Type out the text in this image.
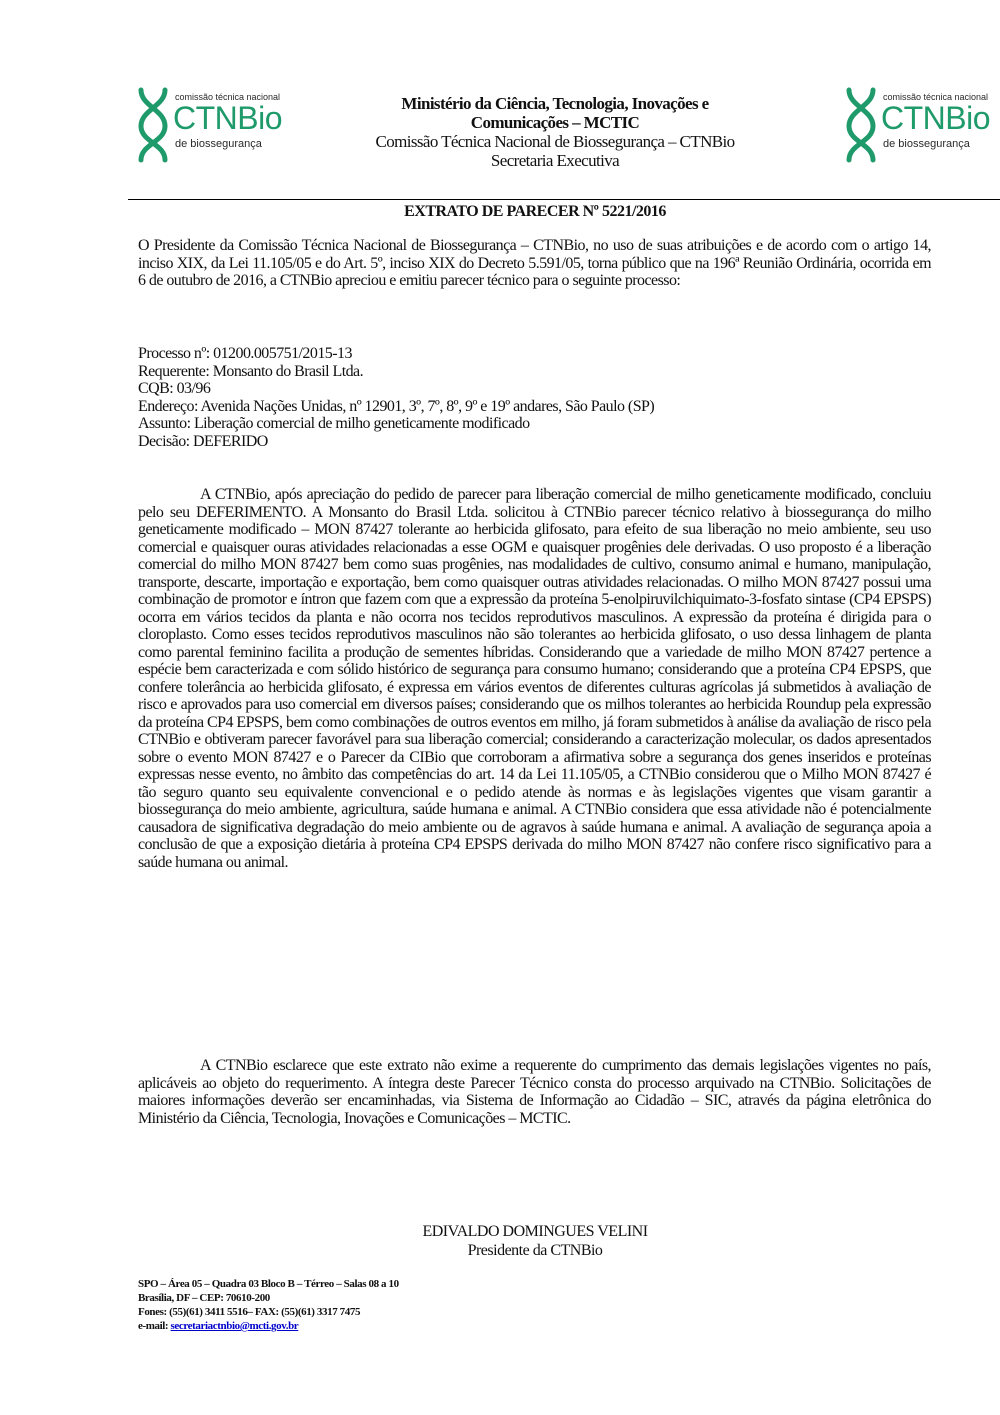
comissão técnica nacional
CTNBio
de biossegurança
Ministério da Ciência, Tecnologia, Inovações e
Comunicações – MCTIC
Comissão Técnica Nacional de Biossegurança – CTNBio
Secretaria Executiva
comissão técnica nacional
CTNBio
de biossegurança
EXTRATO DE PARECER Nº 5221/2016
O Presidente da Comissão Técnica Nacional de Biossegurança – CTNBio, no uso de suas atribuições e de acordo com o artigo 14, inciso XIX, da Lei 11.105/05 e do Art. 5º, inciso XIX do Decreto 5.591/05, torna público que na 196ª Reunião Ordinária, ocorrida em 6 de outubro de 2016, a CTNBio apreciou e emitiu parecer técnico para o seguinte processo:
Processo nº: 01200.005751/2015-13
Requerente: Monsanto do Brasil Ltda.
CQB: 03/96
Endereço: Avenida Nações Unidas, nº 12901, 3º, 7º, 8º, 9º e 19º andares, São Paulo (SP)
Assunto: Liberação comercial de milho geneticamente modificado
Decisão: DEFERIDO
A CTNBio, após apreciação do pedido de parecer para liberação comercial de milho geneticamente modificado, concluiu pelo seu DEFERIMENTO. A Monsanto do Brasil Ltda. solicitou à CTNBio parecer técnico relativo à biossegurança do milho geneticamente modificado – MON 87427 tolerante ao herbicida glifosato, para efeito de sua liberação no meio ambiente, seu uso comercial e quaisquer ouras atividades relacionadas a esse OGM e quaisquer progênies dele derivadas. O uso proposto é a liberação comercial do milho MON 87427 bem como suas progênies, nas modalidades de cultivo, consumo animal e humano, manipulação, transporte, descarte, importação e exportação, bem como quaisquer outras atividades relacionadas. O milho MON 87427 possui uma combinação de promotor e íntron que fazem com que a expressão da proteína 5-enolpiruvilchiquimato-3-fosfato sintase (CP4 EPSPS) ocorra em vários tecidos da planta e não ocorra nos tecidos reprodutivos masculinos. A expressão da proteína é dirigida para o cloroplasto. Como esses tecidos reprodutivos masculinos não são tolerantes ao herbicida glifosato, o uso dessa linhagem de planta como parental feminino facilita a produção de sementes híbridas. Considerando que a variedade de milho MON 87427 pertence a espécie bem caracterizada e com sólido histórico de segurança para consumo humano; considerando que a proteína CP4 EPSPS, que confere tolerância ao herbicida glifosato, é expressa em vários eventos de diferentes culturas agrícolas já submetidos à avaliação de risco e aprovados para uso comercial em diversos países; considerando que os milhos tolerantes ao herbicida Roundup pela expressão da proteína CP4 EPSPS, bem como combinações de outros eventos em milho, já foram submetidos à análise da avaliação de risco pela CTNBio e obtiveram parecer favorável para sua liberação comercial; considerando a caracterização molecular, os dados apresentados sobre o evento MON 87427 e o Parecer da CIBio que corroboram a afirmativa sobre a segurança dos genes inseridos e proteínas expressas nesse evento, no âmbito das competências do art. 14 da Lei 11.105/05, a CTNBio considerou que o Milho MON 87427 é tão seguro quanto seu equivalente convencional e o pedido atende às normas e às legislações vigentes que visam garantir a biossegurança do meio ambiente, agricultura, saúde humana e animal. A CTNBio considera que essa atividade não é potencialmente causadora de significativa degradação do meio ambiente ou de agravos à saúde humana e animal. A avaliação de segurança apoia a conclusão de que a exposição dietária à proteína CP4 EPSPS derivada do milho MON 87427 não confere risco significativo para a saúde humana ou animal.
A CTNBio esclarece que este extrato não exime a requerente do cumprimento das demais legislações vigentes no país, aplicáveis ao objeto do requerimento. A íntegra deste Parecer Técnico consta do processo arquivado na CTNBio. Solicitações de maiores informações deverão ser encaminhadas, via Sistema de Informação ao Cidadão – SIC, através da página eletrônica do Ministério da Ciência, Tecnologia, Inovações e Comunicações – MCTIC.
EDIVALDO DOMINGUES VELINI
Presidente da CTNBio
SPO – Área 05 – Quadra 03 Bloco B – Térreo – Salas 08 a 10
Brasília, DF – CEP: 70610-200
Fones: (55)(61) 3411 5516– FAX: (55)(61) 3317 7475
e-mail: secretariactnbio@mcti.gov.br
